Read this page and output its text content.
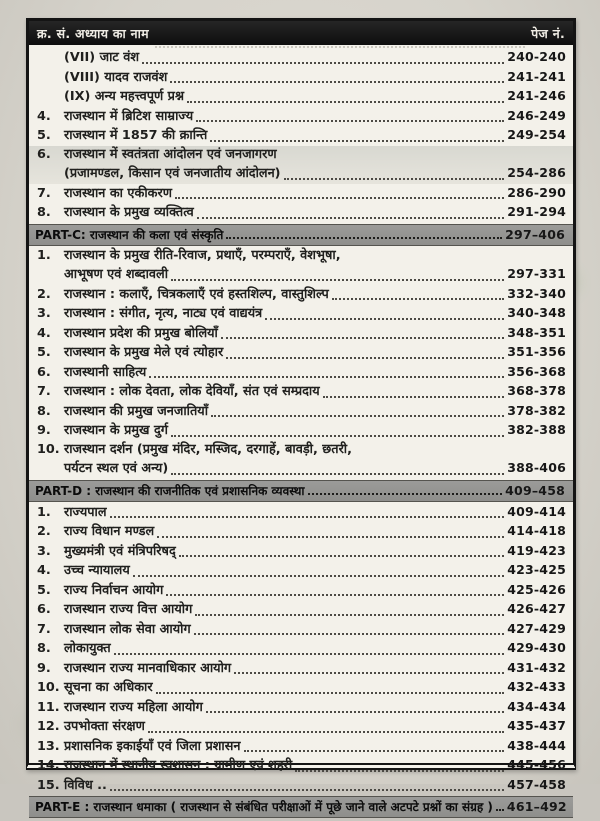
क्र. सं. अध्याय का नाम	पेज नं.
(VII) जाट वंश	240-240
(VIII) यादव राजवंश	241-241
(IX) अन्य महत्त्वपूर्ण प्रश्न	241-246
4.	राजस्थान में ब्रिटिश साम्राज्य	246-249
5.	राजस्थान में 1857 की क्रान्ति	249-254
6.	राजस्थान में स्वतंत्रता आंदोलन एवं जनजागरण
(प्रजामण्डल, किसान एवं जनजातीय आंदोलन)	254-286
7.	राजस्थान का एकीकरण	286-290
8.	राजस्थान के प्रमुख व्यक्तित्व	291-294
PART-C: राजस्थान की कला एवं संस्कृति	297–406
1.	राजस्थान के प्रमुख रीति-रिवाज, प्रथाएँ, परम्पराएँ, वेशभूषा,
आभूषण एवं शब्दावली	297-331
2.	राजस्थान : कलाएँ, चित्रकलाएँ एवं हस्तशिल्प, वास्तुशिल्प	332-340
3.	राजस्थान : संगीत, नृत्य, नाट्य एवं वाद्ययंत्र	340-348
4.	राजस्थान प्रदेश की प्रमुख बोलियाँ	348-351
5.	राजस्थान के प्रमुख मेले एवं त्योहार	351-356
6.	राजस्थानी साहित्य	356-368
7.	राजस्थान : लोक देवता, लोक देवियाँ, संत एवं सम्प्रदाय	368-378
8.	राजस्थान की प्रमुख जनजातियाँ	378-382
9.	राजस्थान के प्रमुख दुर्ग	382-388
10. राजस्थान दर्शन (प्रमुख मंदिर, मस्जिद, दरगाहें, बावड़ी, छतरी,
पर्यटन स्थल एवं अन्य)	388-406
PART-D : राजस्थान की राजनीतिक एवं प्रशासनिक व्यवस्था	409–458
1.	राज्यपाल	409-414
2.	राज्य विधान मण्डल	414-418
3.	मुख्यमंत्री एवं मंत्रिपरिषद्	419-423
4.	उच्च न्यायालय	423-425
5.	राज्य निर्वाचन आयोग	425-426
6.	राजस्थान राज्य वित्त आयोग	426-427
7.	राजस्थान लोक सेवा आयोग	427-429
8.	लोकायुक्त	429-430
9.	राजस्थान राज्य मानवाधिकार आयोग	431-432
10. सूचना का अधिकार	432-433
11. राजस्थान राज्य महिला आयोग	434-434
12. उपभोक्ता संरक्षण	435-437
13. प्रशासनिक इकाईयाँ एवं जिला प्रशासन	438-444
14. राजस्थान में स्थानीय स्वशासन : ग्रामीण एवं शहरी	445-456
15. विविध ..	457-458
PART-E : राजस्थान धमाका ( राजस्थान से संबंधित परीक्षाओं में पूछे जाने वाले अटपटे प्रश्नों का संग्रह ) 461–492
